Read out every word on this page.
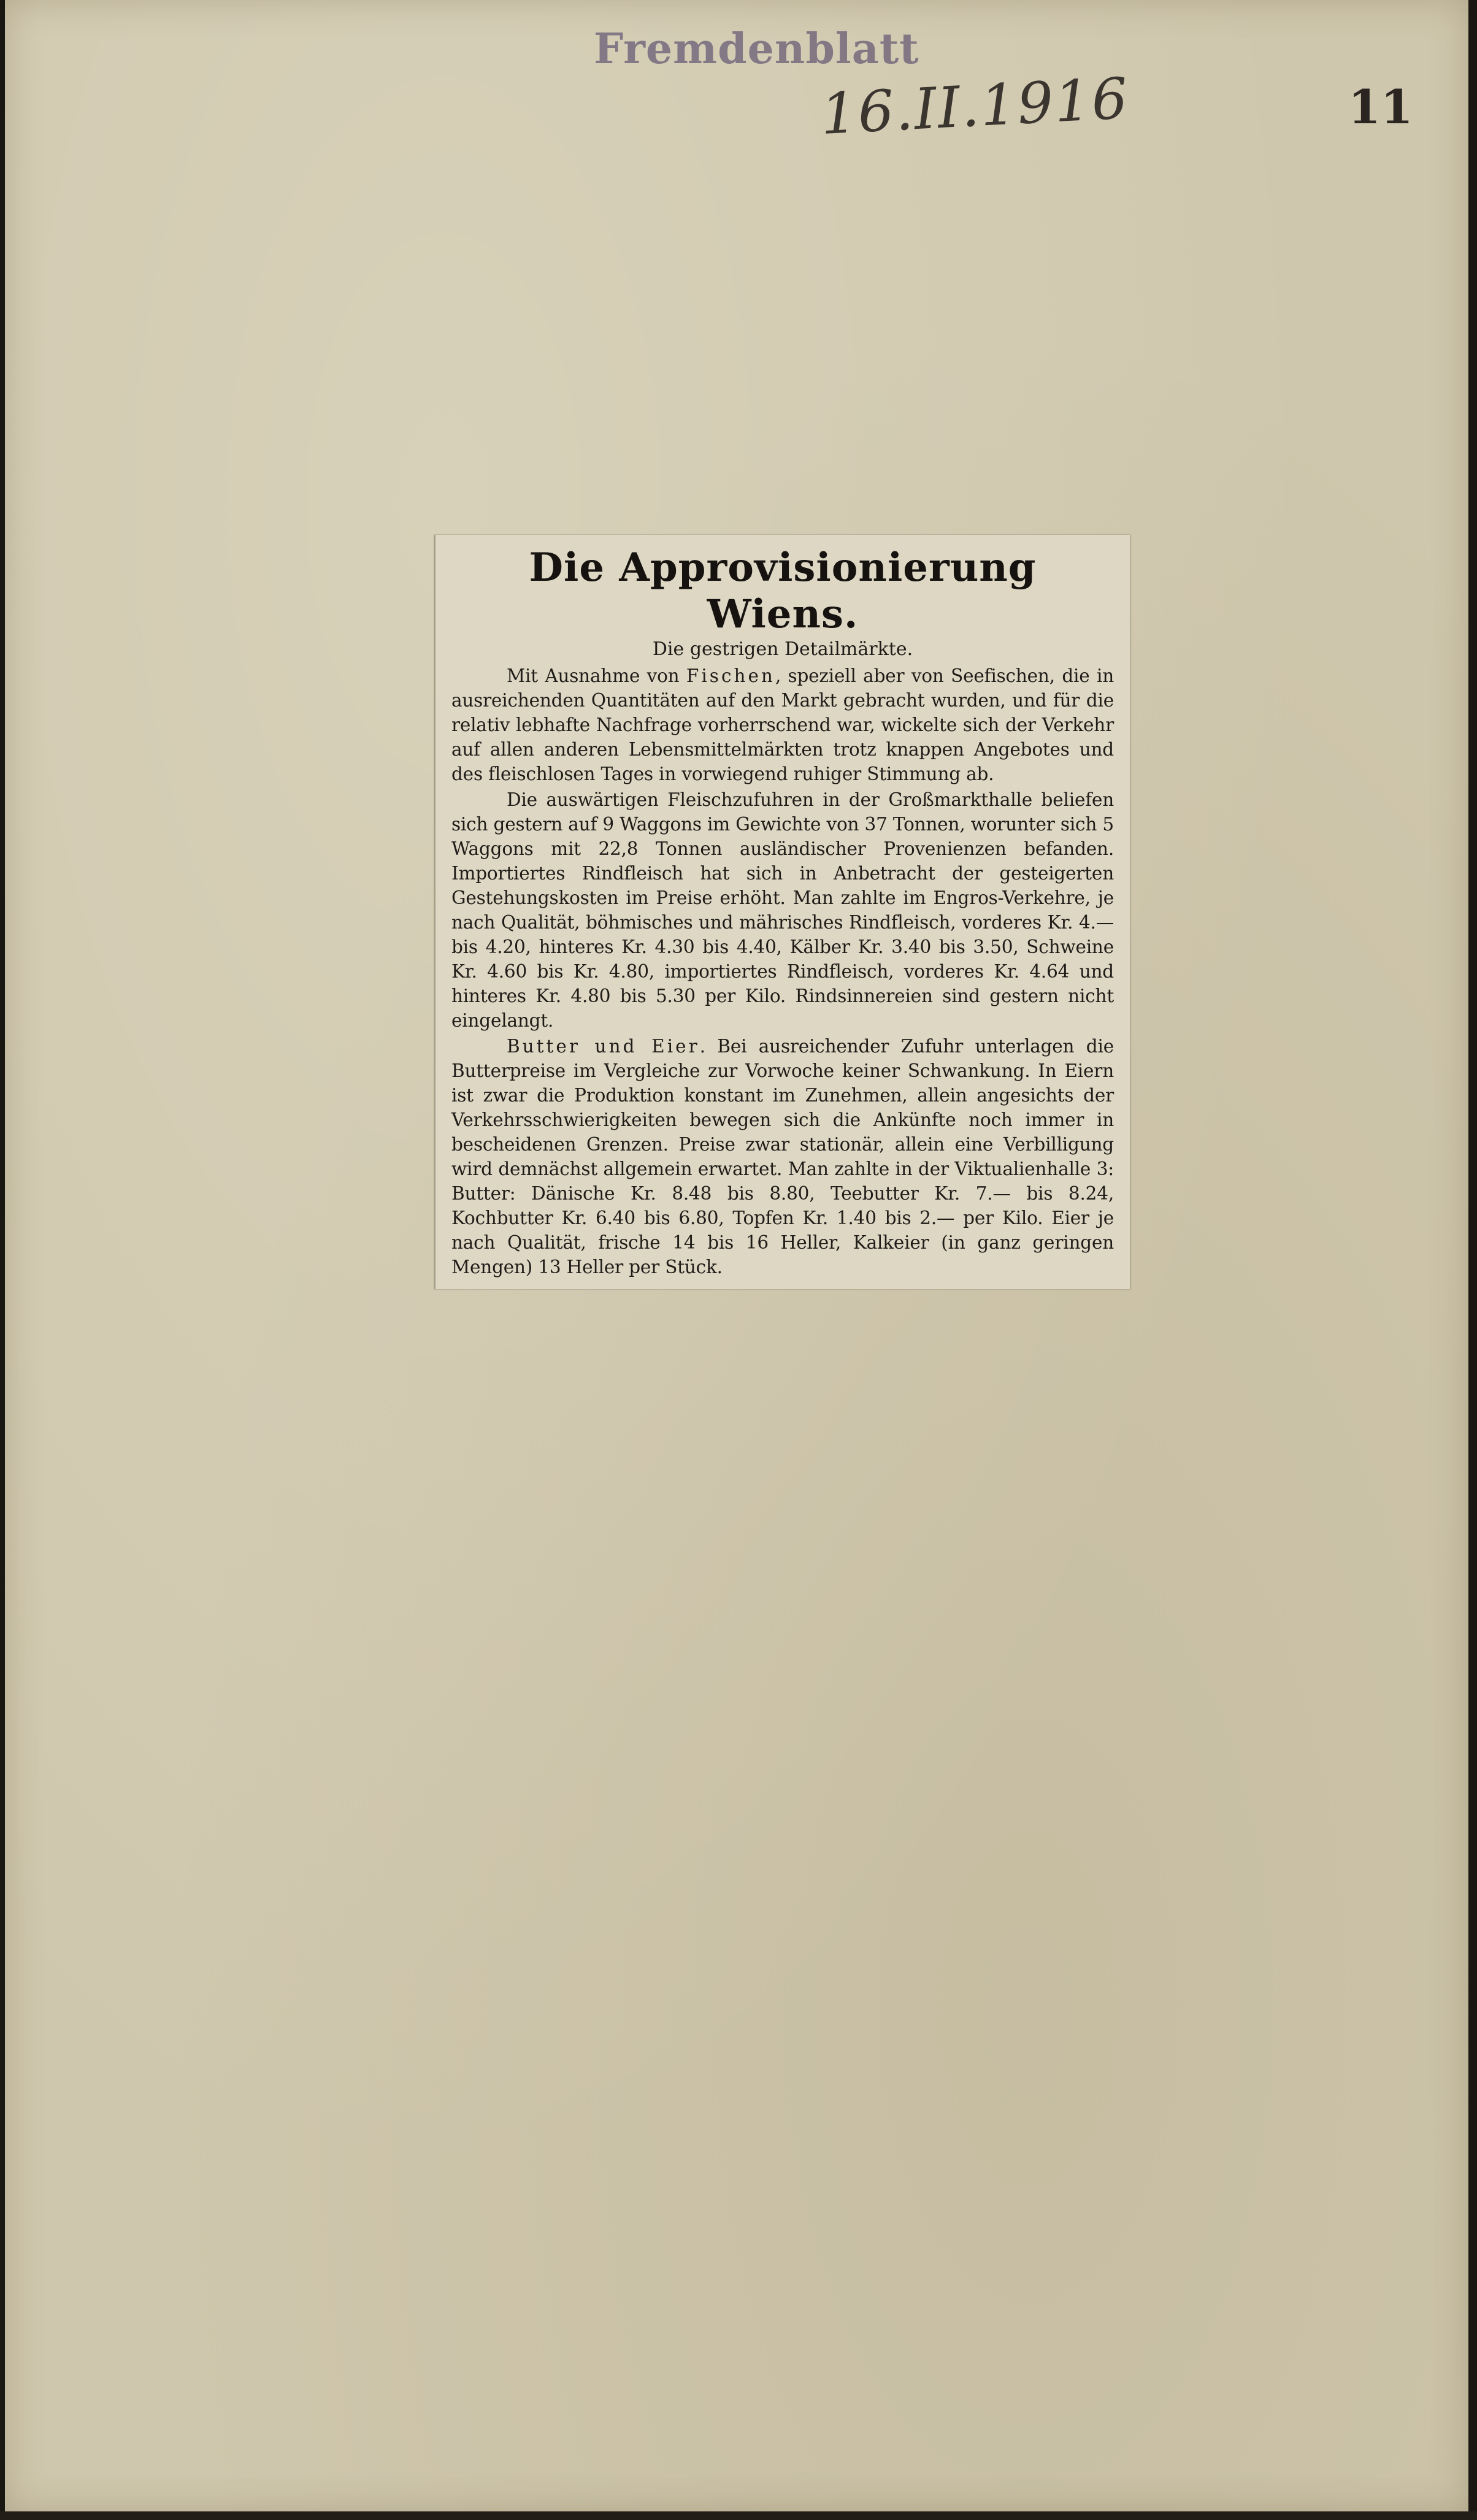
Fremdenblatt
16.II.1916	11
Die Approvisionierung Wiens.

Die gestrigen Detailmärkte.

Mit Ausnahme von Fischen, speziell aber von Seefischen, die in ausreichenden Quantitäten auf den Markt gebracht wurden, und für die relativ lebhafte Nachfrage vorherrschend war, wickelte sich der Verkehr auf allen anderen Lebensmittelmärkten trotz knappen Angebotes und des fleischlosen Tages in vorwiegend ruhiger Stimmung ab.

Die auswärtigen Fleischzufuhren in der Großmarkthalle beliefen sich gestern auf 9 Waggons im Gewichte von 37 Tonnen, worunter sich 5 Waggons mit 22,8 Tonnen ausländischer Provenienzen befanden. Importiertes Rindfleisch hat sich in Anbetracht der gesteigerten Gestehungskosten im Preise erhöht. Man zahlte im Engros-Verkehre, je nach Qualität, böhmisches und mährisches Rindfleisch, vorderes Kr. 4.— bis 4.20, hinteres Kr. 4.30 bis 4.40, Kälber Kr. 3.40 bis 3.50, Schweine Kr. 4.60 bis Kr. 4.80, importiertes Rindfleisch, vorderes Kr. 4.64 und hinteres Kr. 4.80 bis 5.30 per Kilo. Rindsinnereien sind gestern nicht eingelangt.

Butter und Eier. Bei ausreichender Zufuhr unterlagen die Butterpreise im Vergleiche zur Vorwoche keiner Schwankung. In Eiern ist zwar die Produktion konstant im Zunehmen, allein angesichts der Verkehrsschwierigkeiten bewegen sich die Ankünfte noch immer in bescheidenen Grenzen. Preise zwar stationär, allein eine Verbilligung wird demnächst allgemein erwartet. Man zahlte in der Viktualienhalle 3: Butter: Dänische Kr. 8.48 bis 8.80, Teebutter Kr. 7.— bis 8.24, Kochbutter Kr. 6.40 bis 6.80, Topfen Kr. 1.40 bis 2.— per Kilo. Eier je nach Qualität, frische 14 bis 16 Heller, Kalkeier (in ganz geringen Mengen) 13 Heller per Stück.
